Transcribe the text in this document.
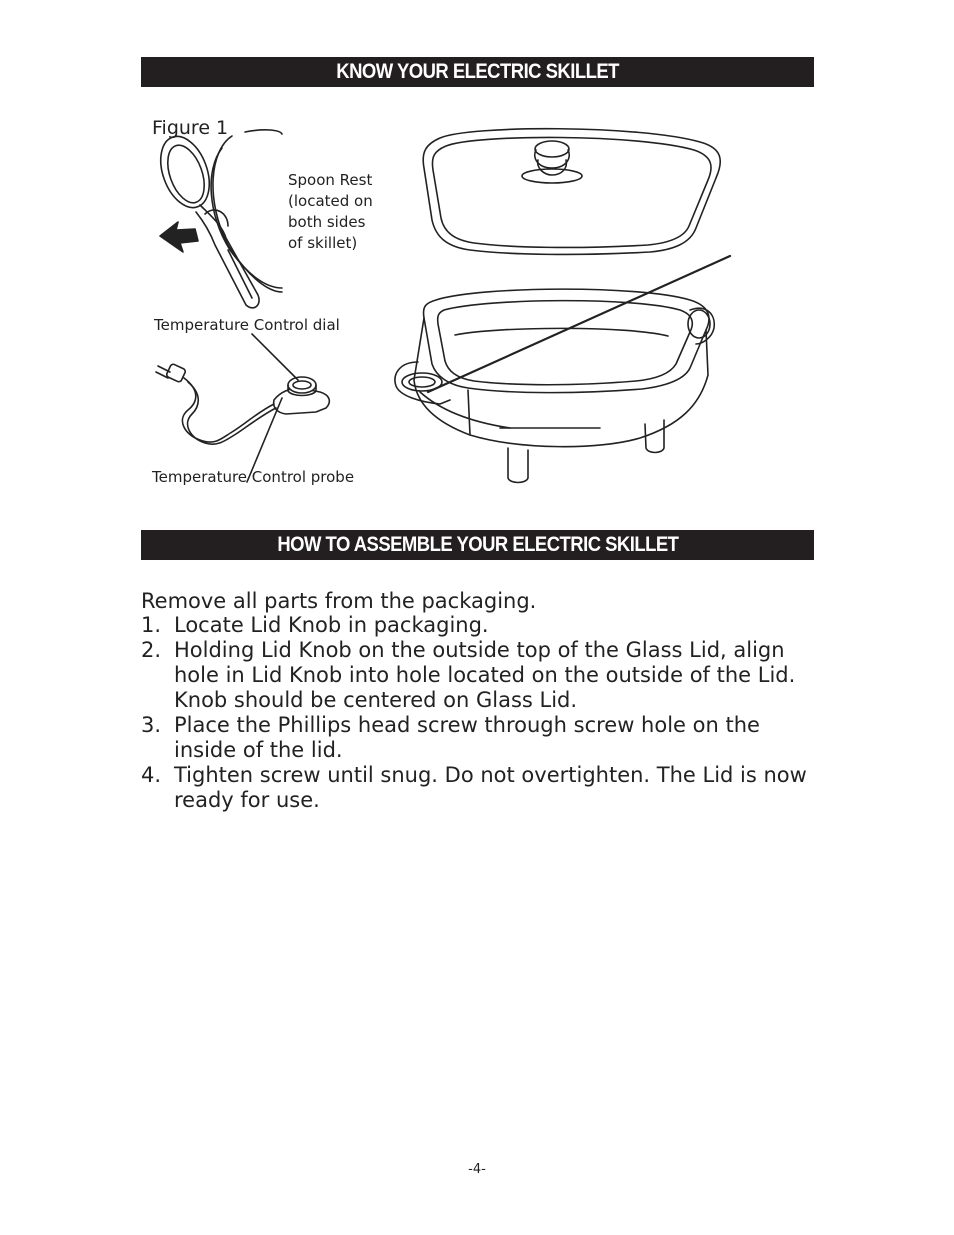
KNOW YOUR ELECTRIC SKILLET
Figure 1
Spoon Rest
(located on
both sides
of skillet)
Temperature Control dial
Temperature Control probe
HOW TO ASSEMBLE YOUR ELECTRIC SKILLET
Remove all parts from the packaging.
1. Locate Lid Knob in packaging.
2. Holding Lid Knob on the outside top of the Glass Lid, align hole in Lid Knob into hole located on the outside of the Lid. Knob should be centered on Glass Lid.
3. Place the Phillips head screw through screw hole on the inside of the lid.
4. Tighten screw until snug. Do not overtighten. The Lid is now ready for use.
-4-
